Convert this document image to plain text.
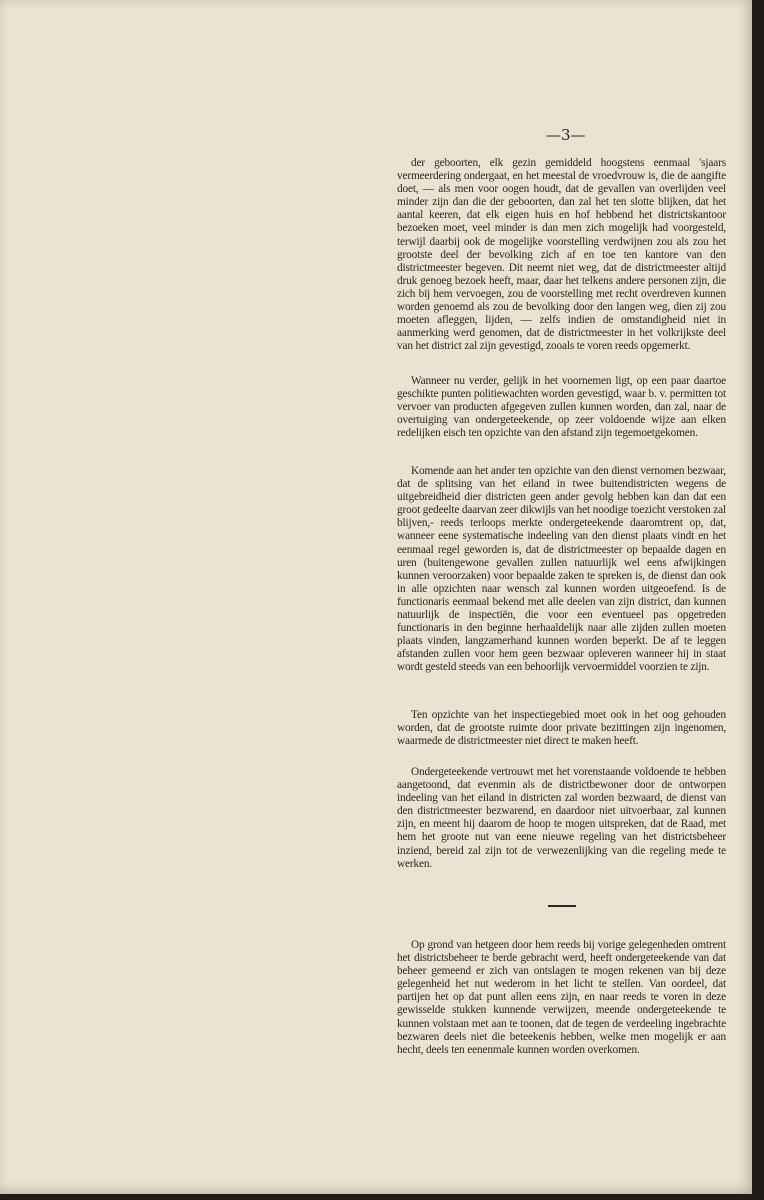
—3—

der geboorten, elk gezin gemiddeld hoogstens eenmaal 'sjaars vermeerdering ondergaat, en het meestal de vroedvrouw is, die de aangifte doet, — als men voor oogen houdt, dat de gevallen van overlijden veel minder zijn dan die der geboorten, dan zal het ten slotte blijken, dat het aantal keeren, dat elk eigen huis en hof hebbend het districtskantoor bezoeken moet, veel minder is dan men zich mogelijk had voorgesteld, terwijl daarbij ook de mogelijke voorstelling verdwijnen zou als zou het grootste deel der bevolking zich af en toe ten kantore van den districtmeester begeven. Dit neemt niet weg, dat de districtmeester altijd druk genoeg bezoek heeft, maar, daar het telkens andere personen zijn, die zich bij hem vervoegen, zou de voorstelling met recht overdreven kunnen worden genoemd als zou de bevolking door den langen weg, dien zij zou moeten afleggen, lijden, — zelfs indien de omstandigheid niet in aanmerking werd genomen, dat de districtmeester in het volkrijkste deel van het district zal zijn gevestigd, zooals te voren reeds opgemerkt.

Wanneer nu verder, gelijk in het voornemen ligt, op een paar daartoe geschikte punten politiewachten worden gevestigd, waar b. v. permitten tot vervoer van producten afgegeven zullen kunnen worden, dan zal, naar de overtuiging van ondergeteekende, op zeer voldoende wijze aan elken redelijken eisch ten opzichte van den afstand zijn tegemoetgekomen.

Komende aan het ander ten opzichte van den dienst vernomen bezwaar, dat de splitsing van het eiland in twee buitendistricten wegens de uitgebreidheid dier districten geen ander gevolg hebben kan dan dat een groot gedeelte daarvan zeer dikwijls van het noodige toezicht verstoken zal blijven,- reeds terloops merkte ondergeteekende daaromtrent op, dat, wanneer eene systematische indeeling van den dienst plaats vindt en het eenmaal regel geworden is, dat de districtmeester op bepaalde dagen en uren (buitengewone gevallen zullen natuurlijk wel eens afwijkingen kunnen veroorzaken) voor bepaalde zaken te spreken is, de dienst dan ook in alle opzichten naar wensch zal kunnen worden uitgeoefend. Is de functionaris eenmaal bekend met alle deelen van zijn district, dan kunnen natuurlijk de inspectiën, die voor een eventueel pas opgetreden functionaris in den beginne herhaaldelijk naar alle zijden zullen moeten plaats vinden, langzamerhand kunnen worden beperkt. De af te leggen afstanden zullen voor hem geen bezwaar opleveren wanneer hij in staat wordt gesteld steeds van een behoorlijk vervoermiddel voorzien te zijn.

Ten opzichte van het inspectiegebied moet ook in het oog gehouden worden, dat de grootste ruimte door private bezittingen zijn ingenomen, waarmede de districtmeester niet direct te maken heeft.

Ondergeteekende vertrouwt met het vorenstaande voldoende te hebben aangetoond, dat evenmin als de districtbewoner door de ontworpen indeeling van het eiland in districten zal worden bezwaard, de dienst van den districtmeester bezwarend, en daardoor niet uitvoerbaar, zal kunnen zijn, en meent hij daarom de hoop te mogen uitspreken, dat de Raad, met hem het groote nut van eene nieuwe regeling van het districtsbeheer inziend, bereid zal zijn tot de verwezenlijking van die regeling mede te werken.

Op grond van hetgeen door hem reeds bij vorige gelegenheden omtrent het districtsbeheer te berde gebracht werd, heeft ondergeteekende van dat beheer gemeend er zich van ontslagen te mogen rekenen van bij deze gelegenheid het nut wederom in het licht te stellen. Van oordeel, dat partijen het op dat punt allen eens zijn, en naar reeds te voren in deze gewisselde stukken kunnende verwijzen, meende ondergeteekende te kunnen volstaan met aan te toonen, dat de tegen de verdeeling ingebrachte bezwaren deels niet die beteekenis hebben, welke men mogelijk er aan hecht, deels ten eenenmale kunnen worden overkomen.
